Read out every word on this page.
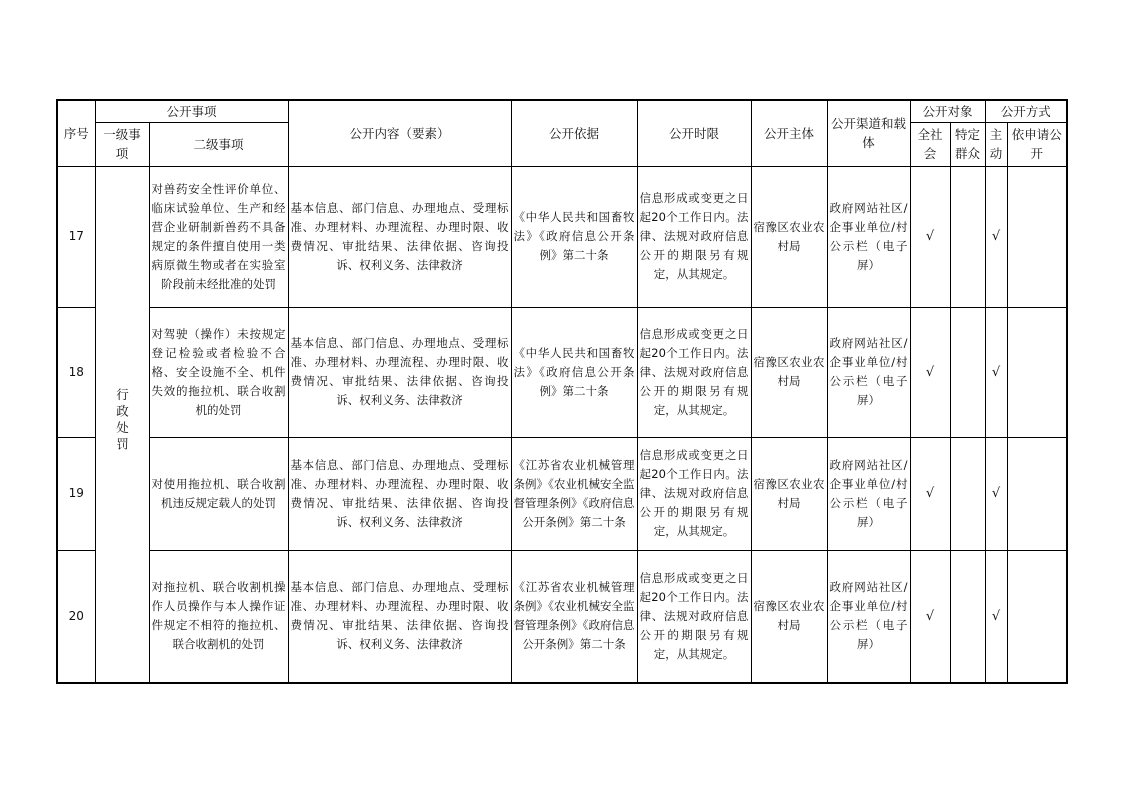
序号	公开事项		公开内容（要素）	公开依据	公开时限	公开主体	公开渠道和载体	公开对象		公开方式	
	一级事项	二级事项						全社会	特定群众	主动	依申请公开
17	行政处罚	对兽药安全性评价单位、临床试验单位、生产和经营企业研制新兽药不具备规定的条件擅自使用一类病原微生物或者在实验室阶段前未经批准的处罚	基本信息、部门信息、办理地点、受理标准、办理材料、办理流程、办理时限、收费情况、审批结果、法律依据、咨询投诉、权利义务、法律救济	《中华人民共和国畜牧法》《政府信息公开条例》第二十条	信息形成或变更之日起20个工作日内。法律、法规对政府信息公开的期限另有规定，从其规定。	宿豫区农业农村局	政府网站社区/企事业单位/村公示栏（电子屏）	√		√	
18		对驾驶（操作）未按规定登记检验或者检验不合格、安全设施不全、机件失效的拖拉机、联合收割机的处罚	基本信息、部门信息、办理地点、受理标准、办理材料、办理流程、办理时限、收费情况、审批结果、法律依据、咨询投诉、权利义务、法律救济	《中华人民共和国畜牧法》《政府信息公开条例》第二十条	信息形成或变更之日起20个工作日内。法律、法规对政府信息公开的期限另有规定，从其规定。	宿豫区农业农村局	政府网站社区/企事业单位/村公示栏（电子屏）	√		√	
19		对使用拖拉机、联合收割机违反规定载人的处罚	基本信息、部门信息、办理地点、受理标准、办理材料、办理流程、办理时限、收费情况、审批结果、法律依据、咨询投诉、权利义务、法律救济	《江苏省农业机械管理条例》《农业机械安全监督管理条例》《政府信息公开条例》第二十条	信息形成或变更之日起20个工作日内。法律、法规对政府信息公开的期限另有规定，从其规定。	宿豫区农业农村局	政府网站社区/企事业单位/村公示栏（电子屏）	√		√	
20		对拖拉机、联合收割机操作人员操作与本人操作证件规定不相符的拖拉机、联合收割机的处罚	基本信息、部门信息、办理地点、受理标准、办理材料、办理流程、办理时限、收费情况、审批结果、法律依据、咨询投诉、权利义务、法律救济	《江苏省农业机械管理条例》《农业机械安全监督管理条例》《政府信息公开条例》第二十条	信息形成或变更之日起20个工作日内。法律、法规对政府信息公开的期限另有规定，从其规定。	宿豫区农业农村局	政府网站社区/企事业单位/村公示栏（电子屏）	√		√	
